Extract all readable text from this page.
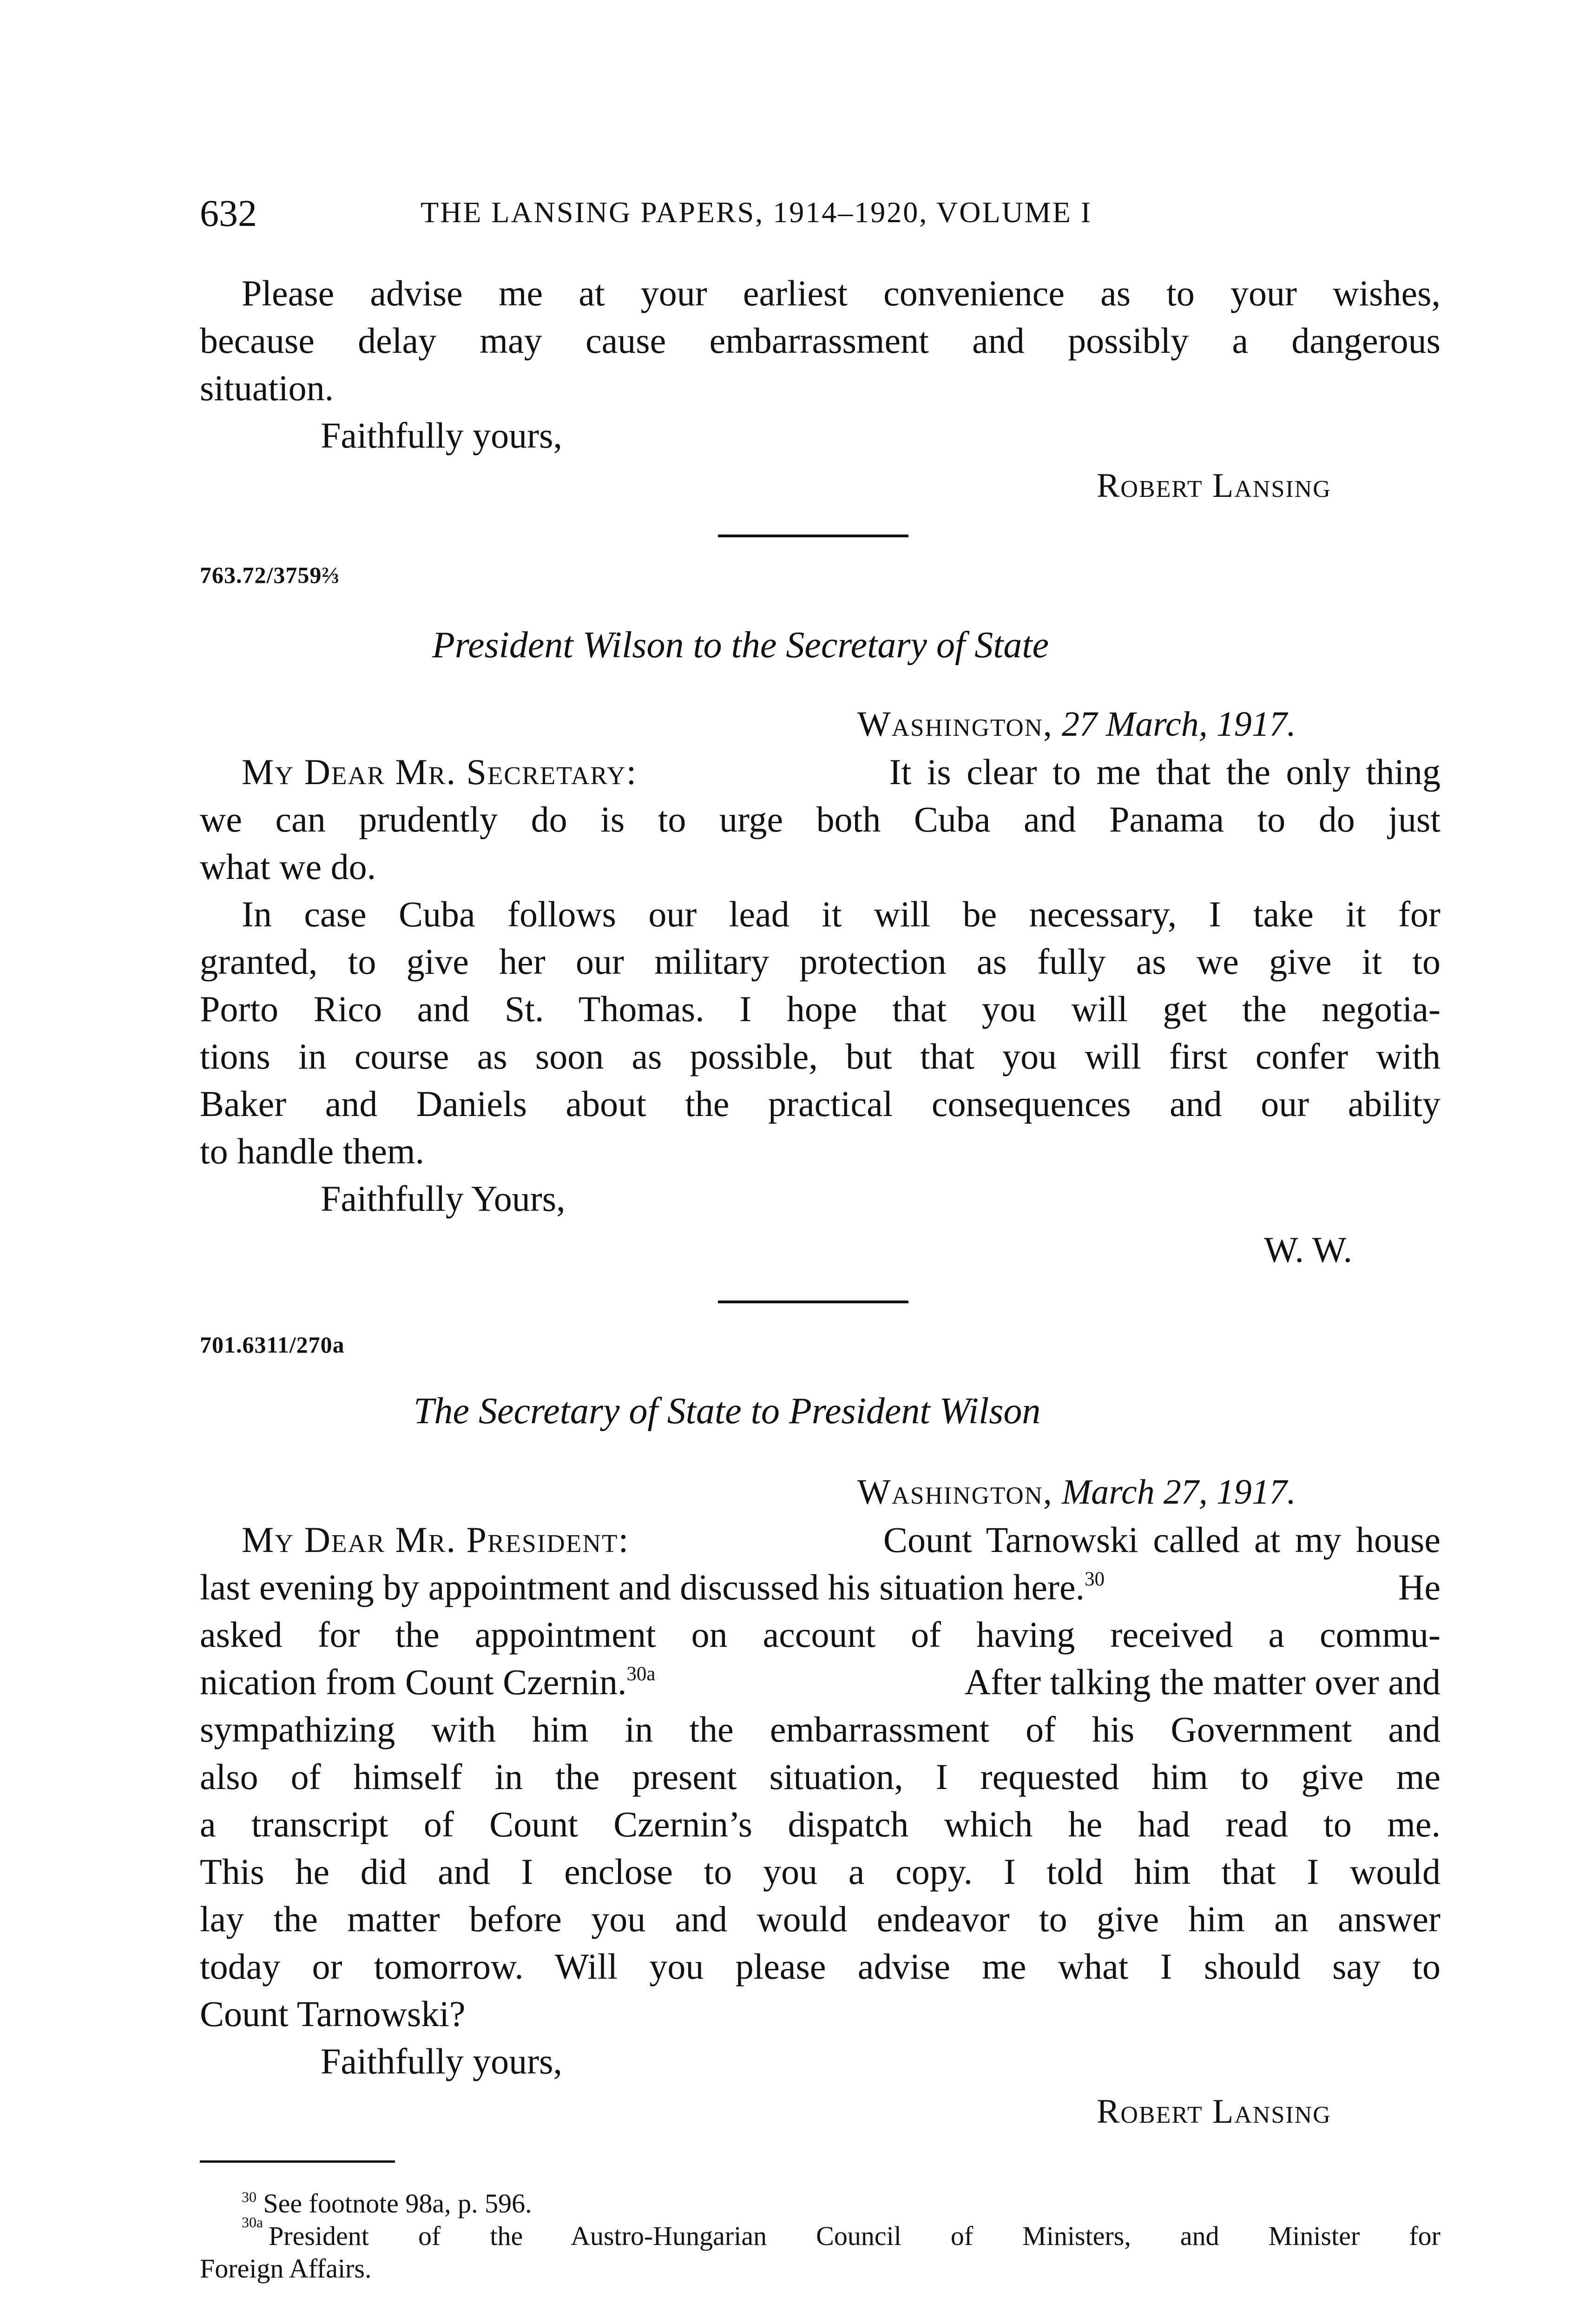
632	THE LANSING PAPERS, 1914–1920, VOLUME I
Please advise me at your earliest convenience as to your wishes,
because delay may cause embarrassment and possibly a dangerous
situation.
Faithfully yours,
Robert Lansing
763.72/3759⅔
President Wilson to the Secretary of State
Washington, 27 March, 1917.
My Dear Mr. Secretary:	It is clear to me that the only thing
we can prudently do is to urge both Cuba and Panama to do just
what we do.
In case Cuba follows our lead it will be necessary, I take it for
granted, to give her our military protection as fully as we give it to
Porto Rico and St. Thomas. I hope that you will get the negotia-
tions in course as soon as possible, but that you will first confer with
Baker and Daniels about the practical consequences and our ability
to handle them.
Faithfully Yours,
W. W.
701.6311/270a
The Secretary of State to President Wilson
Washington, March 27, 1917.
My Dear Mr. President:	Count Tarnowski called at my house
last evening by appointment and discussed his situation here.$^{30}$	He
asked for the appointment on account of having received a commu-
nication from Count Czernin.$^{30a}$	After talking the matter over and
sympathizing with him in the embarrassment of his Government and
also of himself in the present situation, I requested him to give me
a transcript of Count Czernin’s dispatch which he had read to me.
This he did and I enclose to you a copy. I told him that I would
lay the matter before you and would endeavor to give him an answer
today or tomorrow. Will you please advise me what I should say to
Count Tarnowski?
Faithfully yours,
Robert Lansing
$^{30}$ See footnote 98a, p. 596.
30a President of the Austro-Hungarian Council of Ministers, and Minister for
Foreign Affairs.
